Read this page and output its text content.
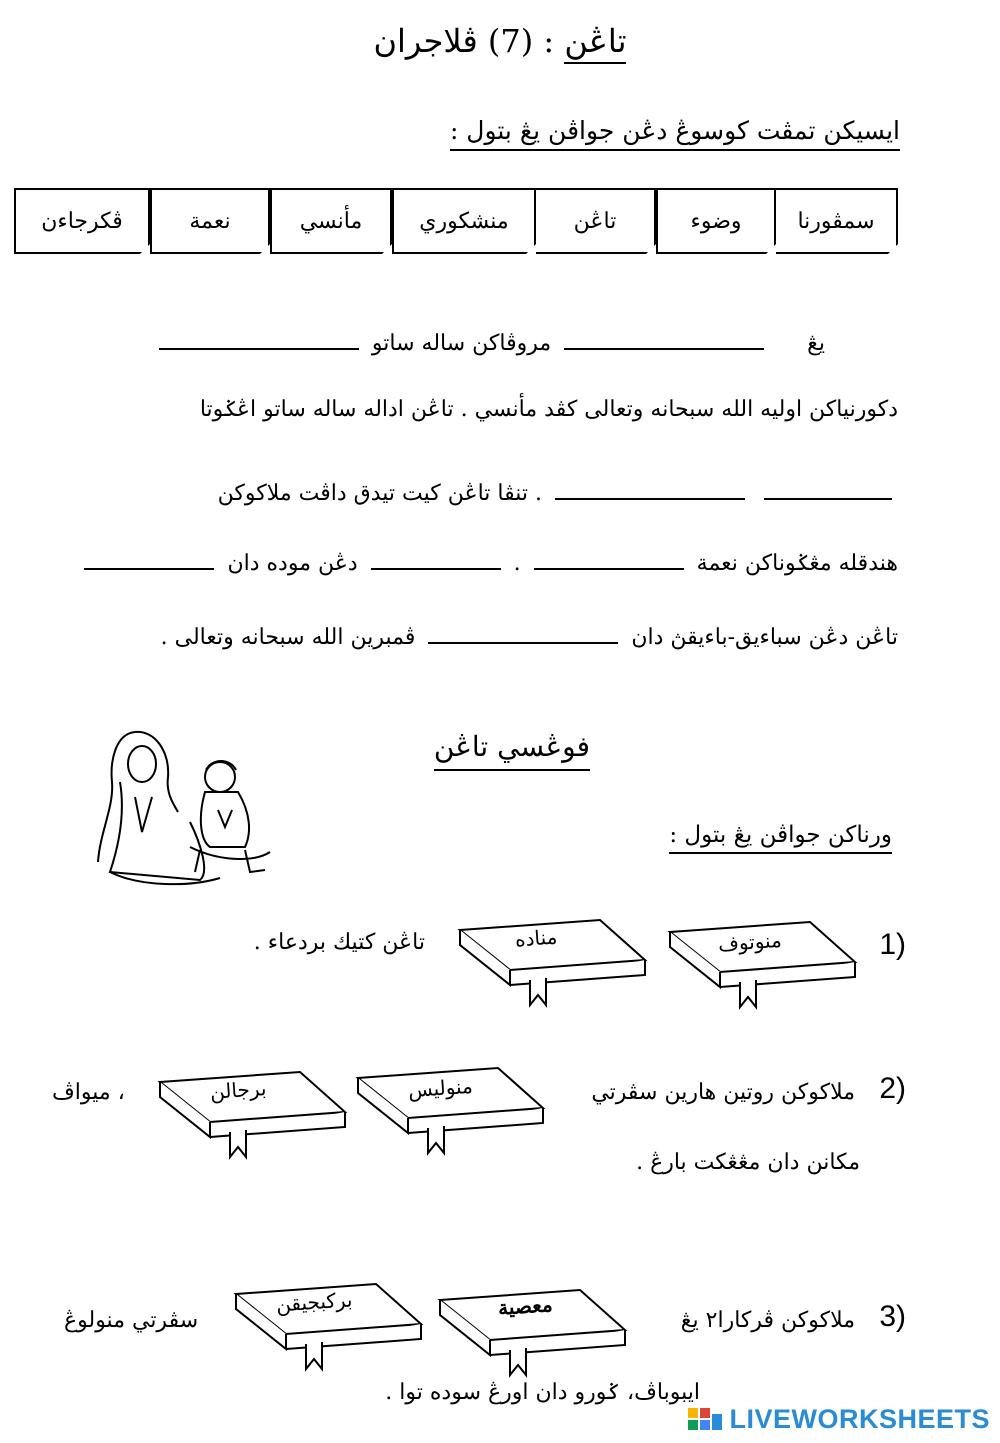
ڤلاجران (7) : تاڠن
ايسيكن تمڤت كوسوڠ دڠن جواڤن يڠ بتول :
سمڤورنا
وضوء
تاڠن
منشكوري
مأنسي
نعمة
ڤكرجاءن
مروڤاكن ساله ساتو	يڠ
دكورنياكن اوليه الله سبحانه وتعالى كڤد مأنسي . تاڠن اداله ساله ساتو اڠݢوتا
. تنڤا تاڠن كيت تيدق داڤت ملاكوكن
دڠن موده دان	.	هندقله مڠݢوناكن نعمة
ڤمبرين الله سبحانه وتعالى .	تاڠن دڠن سباءيق-باءيقڽ دان
فوڠسي تاڠن
ورناكن جواڤن يڠ بتول :
1)
منوتوف
مناده
تاڠن كتيك بردعاء .
2)
ملاكوكن روتين هارين سڤرتي
منوليس
برجالن
، ميواڤ
مكانن دان مڠڠكت بارڠ .
3)
ملاكوكن ڤركارا٢ يڠ
معصية
بركبجيقن
سڤرتي منولوڠ
ايبوباڤ، ݢورو دان اورڠ سوده توا .
LIVEWORKSHEETS
